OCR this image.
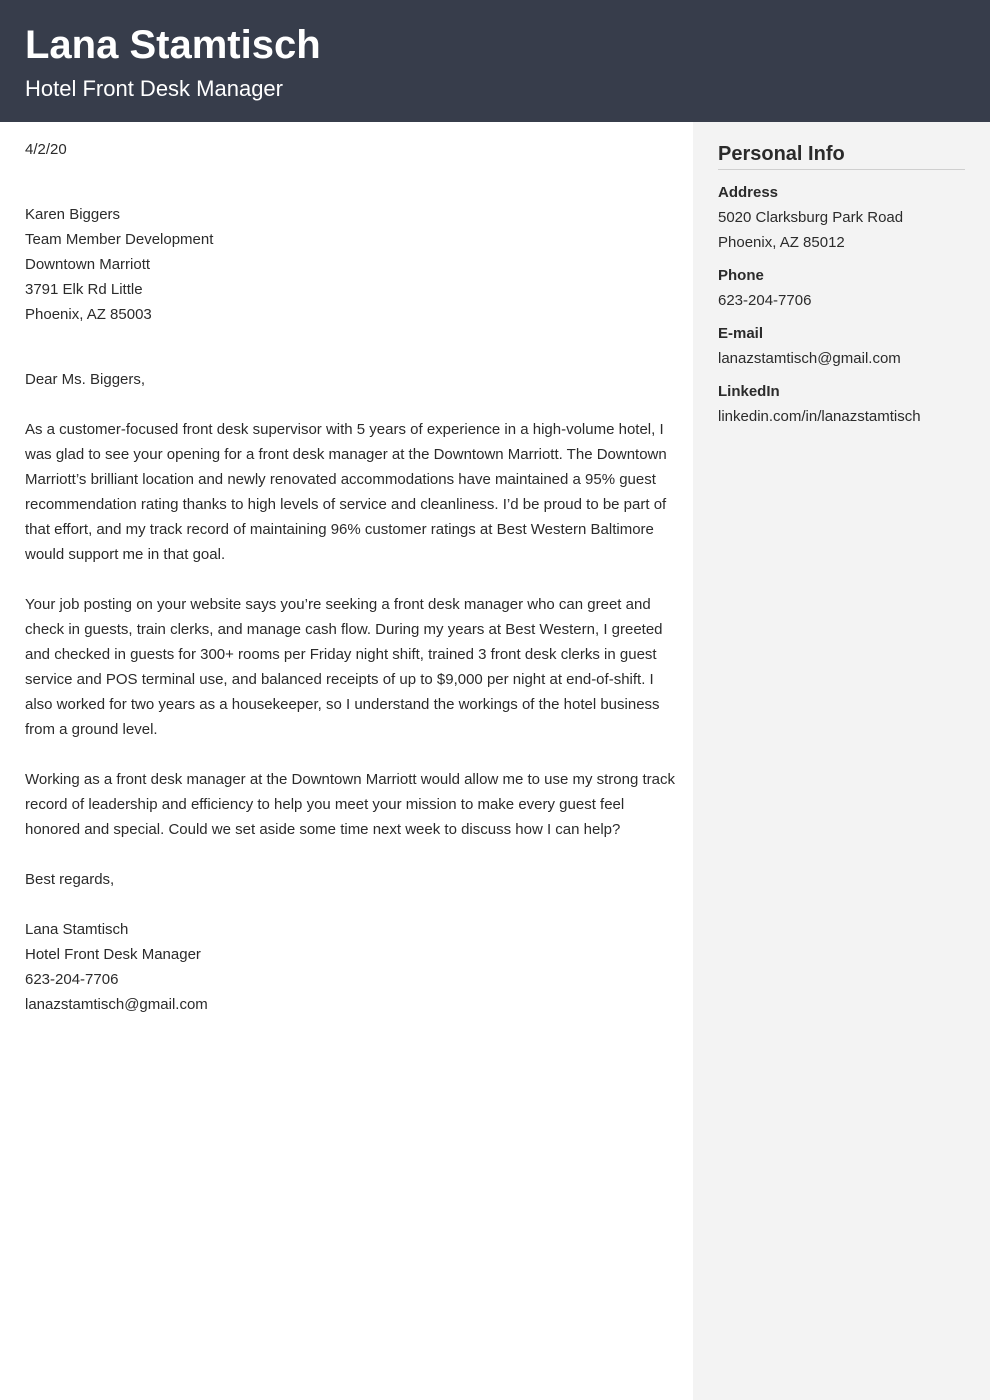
Lana Stamtisch
Hotel Front Desk Manager
4/2/20
Karen Biggers
Team Member Development
Downtown Marriott
3791 Elk Rd Little
Phoenix, AZ 85003
Dear Ms. Biggers,

As a customer-focused front desk supervisor with 5 years of experience in a high-volume hotel, I was glad to see your opening for a front desk manager at the Downtown Marriott. The Downtown Marriott’s brilliant location and newly renovated accommodations have maintained a 95% guest recommendation rating thanks to high levels of service and cleanliness. I’d be proud to be part of that effort, and my track record of maintaining 96% customer ratings at Best Western Baltimore would support me in that goal.

Your job posting on your website says you’re seeking a front desk manager who can greet and check in guests, train clerks, and manage cash flow. During my years at Best Western, I greeted and checked in guests for 300+ rooms per Friday night shift, trained 3 front desk clerks in guest service and POS terminal use, and balanced receipts of up to $9,000 per night at end-of-shift. I also worked for two years as a housekeeper, so I understand the workings of the hotel business from a ground level.

Working as a front desk manager at the Downtown Marriott would allow me to use my strong track record of leadership and efficiency to help you meet your mission to make every guest feel honored and special. Could we set aside some time next week to discuss how I can help?

Best regards,
Lana Stamtisch
Hotel Front Desk Manager
623-204-7706
lanazstamtisch@gmail.com
Personal Info
Address
5020 Clarksburg Park Road
Phoenix, AZ 85012
Phone
623-204-7706
E-mail
lanazstamtisch@gmail.com
LinkedIn
linkedin.com/in/lanazstamtisch
